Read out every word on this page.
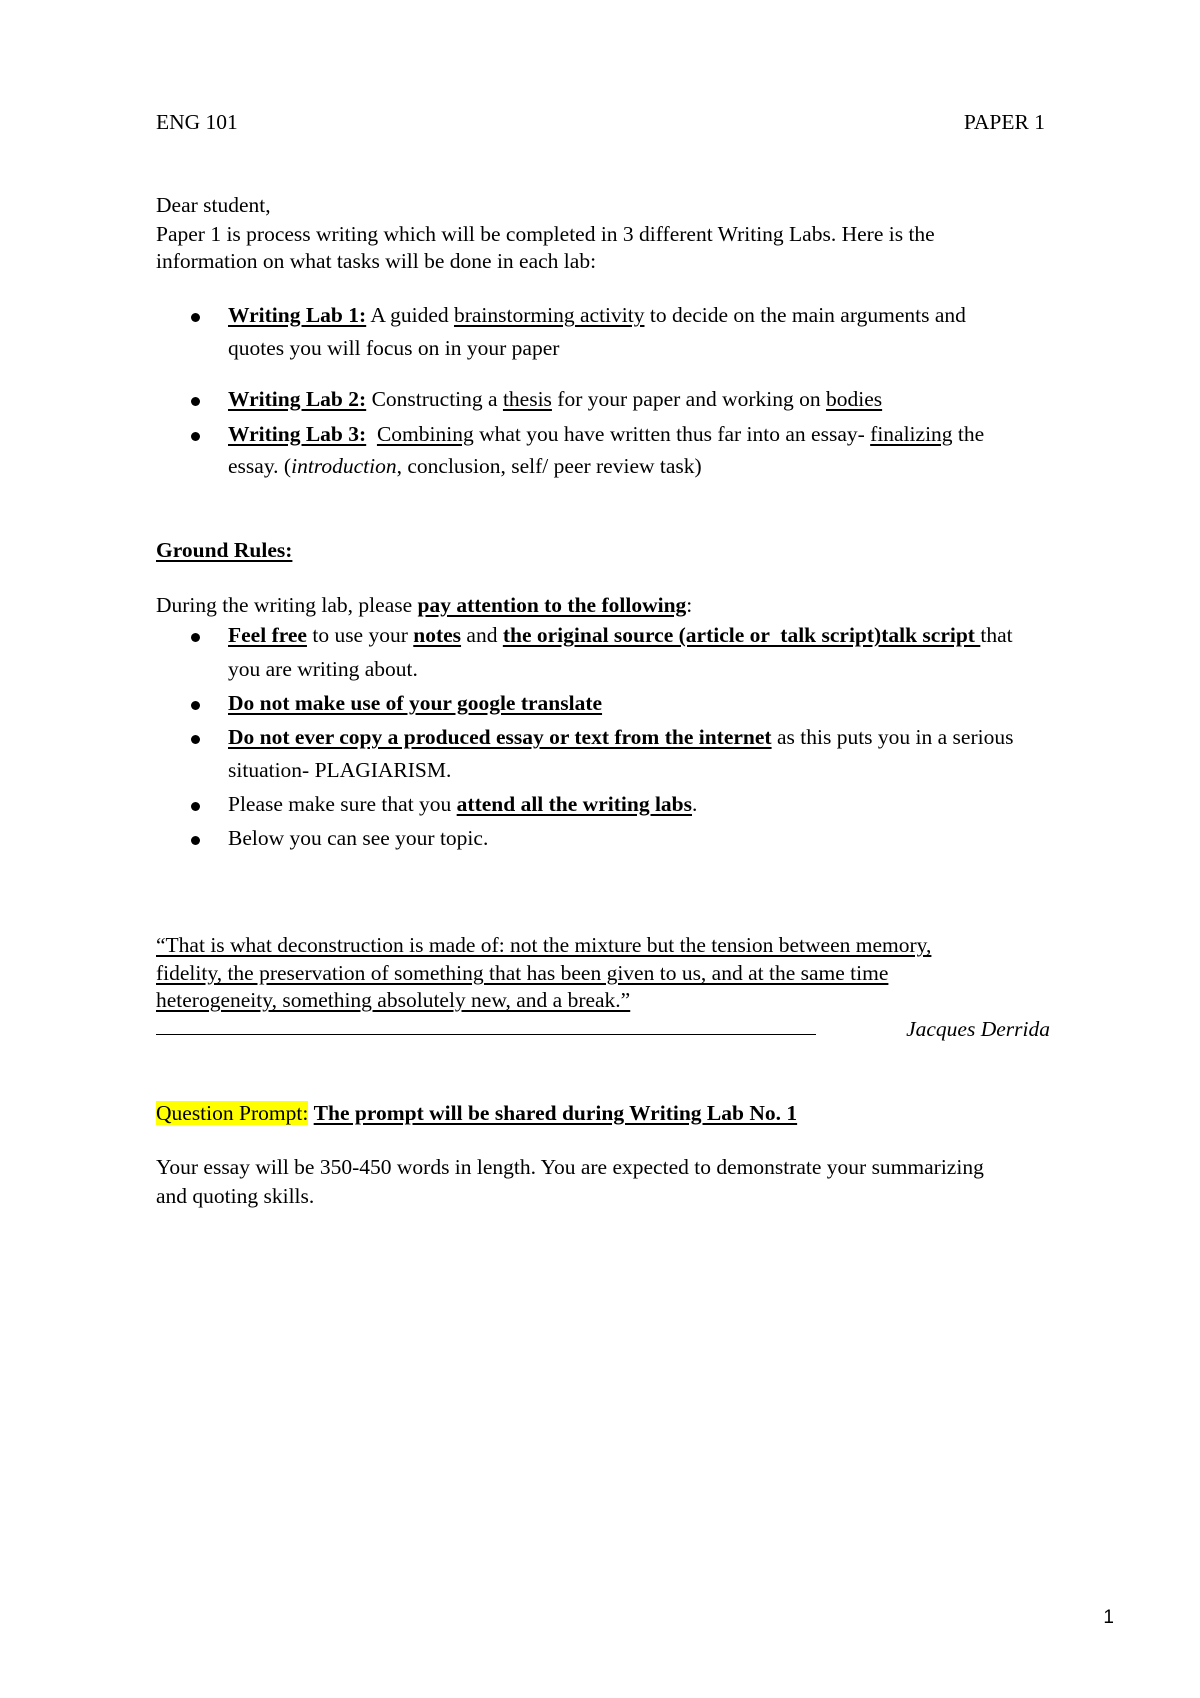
ENG 101	PAPER 1
Dear student,
Paper 1 is process writing which will be completed in 3 different Writing Labs. Here is the
information on what tasks will be done in each lab:
Writing Lab 1: A guided brainstorming activity to decide on the main arguments and
quotes you will focus on in your paper
Writing Lab 2: Constructing a thesis for your paper and working on bodies
Writing Lab 3: Combining what you have written thus far into an essay- finalizing the
essay. (introduction, conclusion, self/ peer review task)
Ground Rules:
During the writing lab, please pay attention to the following:
Feel free to use your notes and the original source (article or  talk script)talk script that
you are writing about.
Do not make use of your google translate
Do not ever copy a produced essay or text from the internet as this puts you in a serious
situation- PLAGIARISM.
Please make sure that you attend all the writing labs.
Below you can see your topic.
“That is what deconstruction is made of: not the mixture but the tension between memory,
fidelity, the preservation of something that has been given to us, and at the same time
heterogeneity, something absolutely new, and a break.”
Jacques Derrida
Question Prompt: The prompt will be shared during Writing Lab No. 1
Your essay will be 350-450 words in length. You are expected to demonstrate your summarizing
and quoting skills.
1
